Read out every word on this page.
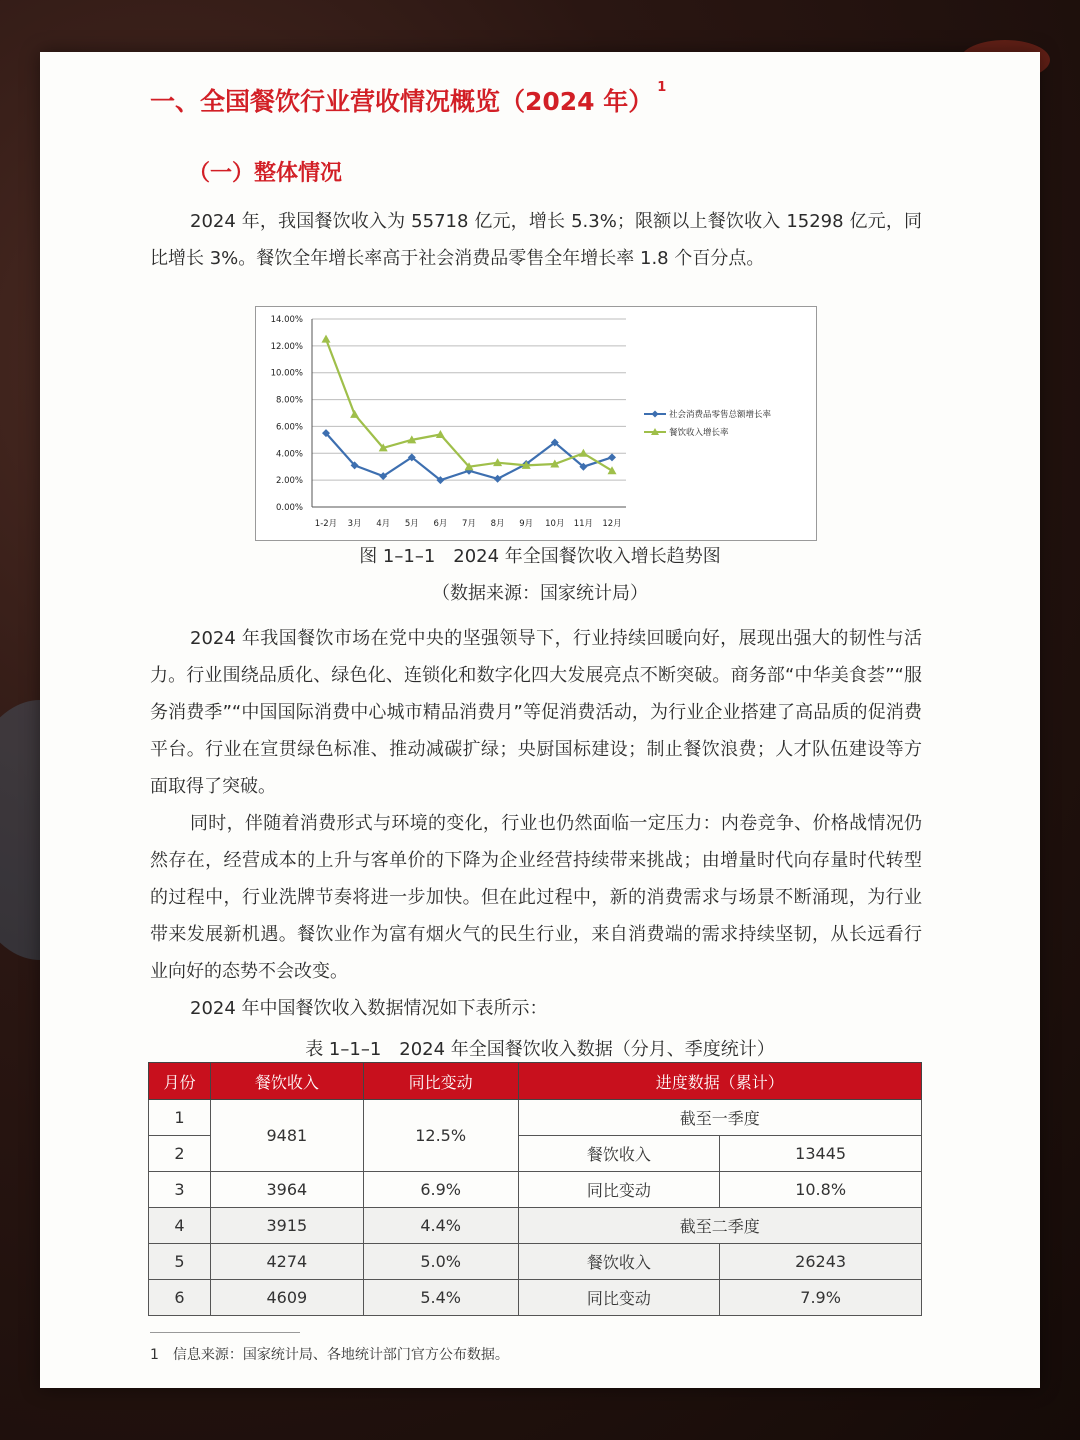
一、全国餐饮行业营收情况概览（2024 年） $^1$
（一）整体情况

2024 年，我国餐饮收入为 55718 亿元，增长 5.3%；限额以上餐饮收入 15298 亿元，同比增长 3%。餐饮全年增长率高于社会消费品零售全年增长率 1.8 个百分点。

0.00%
2.00%
4.00%
6.00%
8.00%
10.00%
12.00%
14.00%
1-2月 3月 4月 5月 6月 7月 8月 9月 10月 11月 12月
社会消费品零售总额增长率
餐饮收入增长率
图 1–1–1　2024 年全国餐饮收入增长趋势图
（数据来源：国家统计局）

2024 年我国餐饮市场在党中央的坚强领导下，行业持续回暖向好，展现出强大的韧性与活力。行业围绕品质化、绿色化、连锁化和数字化四大发展亮点不断突破。商务部“中华美食荟”“服务消费季”“中国国际消费中心城市精品消费月”等促消费活动，为行业企业搭建了高品质的促消费平台。行业在宣贯绿色标准、推动减碳扩绿；央厨国标建设；制止餐饮浪费；人才队伍建设等方面取得了突破。

同时，伴随着消费形式与环境的变化，行业也仍然面临一定压力：内卷竞争、价格战情况仍然存在，经营成本的上升与客单价的下降为企业经营持续带来挑战；由增量时代向存量时代转型的过程中，行业洗牌节奏将进一步加快。但在此过程中，新的消费需求与场景不断涌现，为行业带来发展新机遇。餐饮业作为富有烟火气的民生行业，来自消费端的需求持续坚韧，从长远看行业向好的态势不会改变。

2024 年中国餐饮收入数据情况如下表所示：

表 1–1–1　2024 年全国餐饮收入数据（分月、季度统计）
月份	餐饮收入	同比变动	进度数据（累计）	
1	9481	12.5%	截至一季度	
2			餐饮收入	13445
3	3964	6.9%	同比变动	10.8%
4	3915	4.4%	截至二季度	
5	4274	5.0%	餐饮收入	26243
6	4609	5.4%	同比变动	7.9%
1 信息来源：国家统计局、各地统计部门官方公布数据。
